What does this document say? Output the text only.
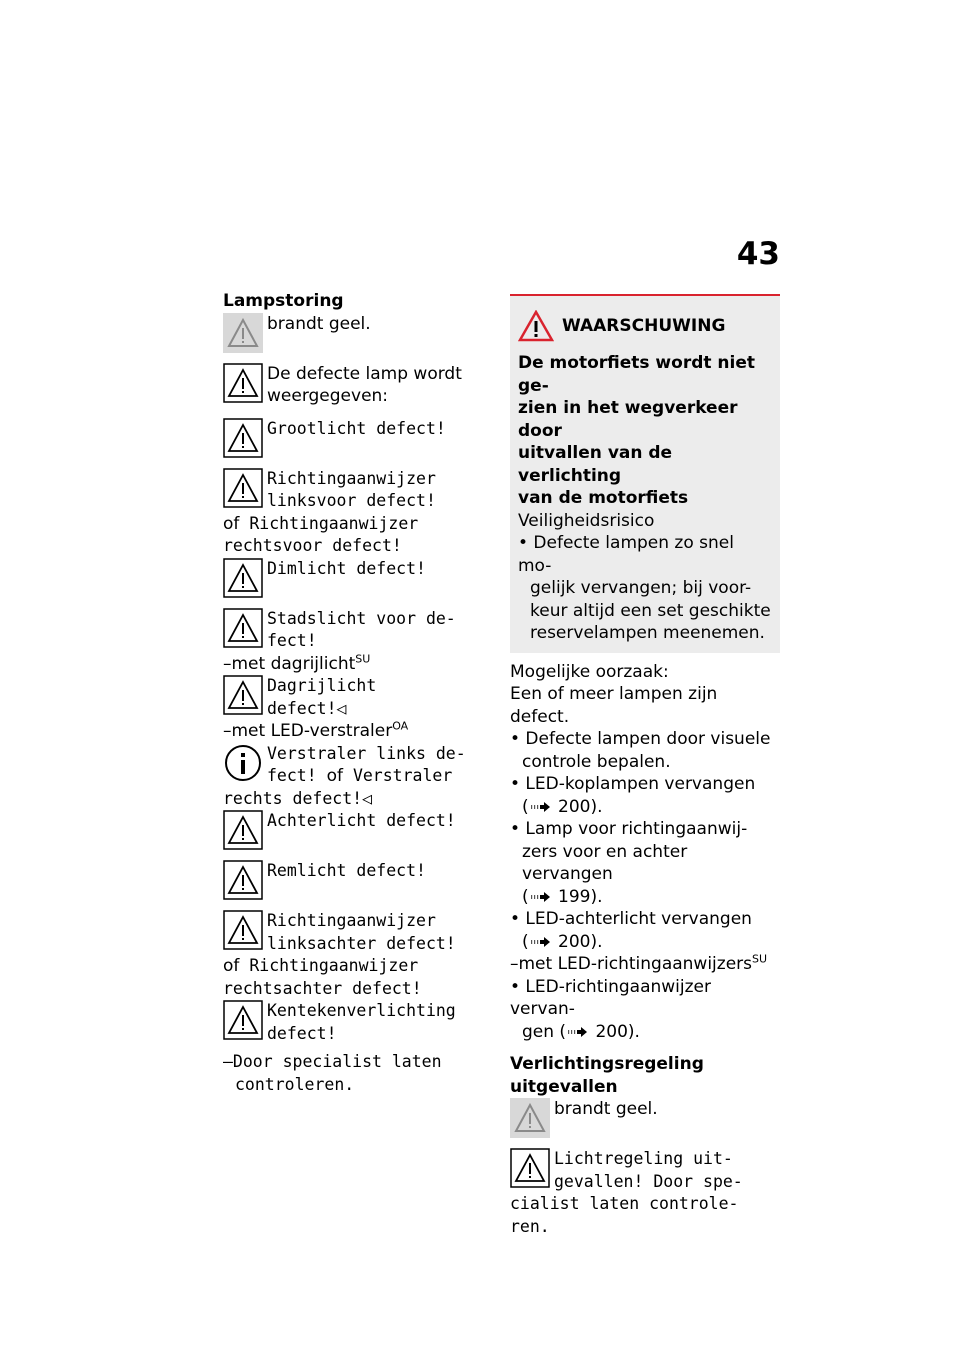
43
Lampstoring
brandt geel.
De defecte lamp wordt weergegeven:
Grootlicht defect!
Richtingaanwijzer
linksvoor defect!
of Richtingaanwijzer
rechtsvoor defect!
Dimlicht defect!
Stadslicht voor de-
fect!
–met dagrijlicht$^{SU}$
Dagrijlicht
defect!◁
–met LED-verstraler$^{OA}$
Verstraler links de-
fect! of Verstraler
rechts defect!◁
Achterlicht defect!
Remlicht defect!
Richtingaanwijzer
linksachter defect!
of Richtingaanwijzer
rechtsachter defect!
Kentekenverlichting
defect!
–Door specialist laten
controleren.
WAARSCHUWING
De motorfiets wordt niet ge-
zien in het wegverkeer door
uitvallen van de verlichting
van de motorfiets
Veiligheidsrisico
• Defecte lampen zo snel mo-
gelijk vervangen; bij voor-
keur altijd een set geschikte
reservelampen meenemen.
Mogelijke oorzaak:
Een of meer lampen zijn defect.
• Defecte lampen door visuele
controle bepalen.
• LED-koplampen vervangen
( 200).
• Lamp voor richtingaanwij-
zers voor en achter vervangen
( 199).
• LED-achterlicht vervangen
( 200).
–met LED-richtingaanwijzers$^{SU}$
• LED-richtingaanwijzer vervan-
gen ( 200).
Verlichtingsregeling
uitgevallen
brandt geel.
Lichtregeling uit-
gevallen! Door spe-
cialist laten controle-
ren.
